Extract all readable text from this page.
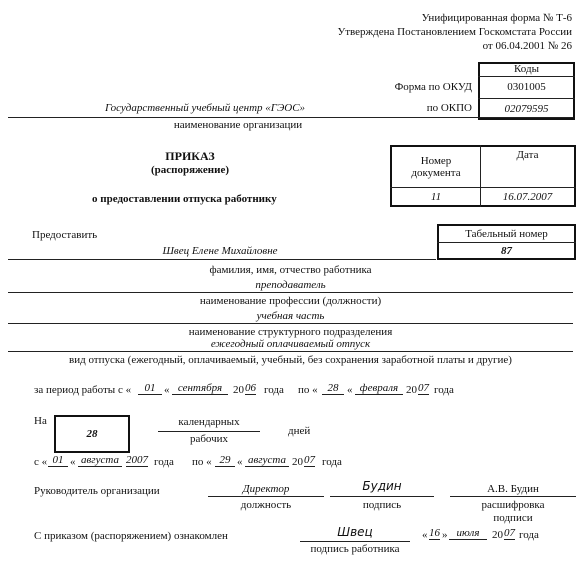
Унифицированная форма № Т-6
Утверждена Постановлением Госкомстата России
от 06.04.2001 № 26
Коды
Форма по ОКУД	0301005
по ОКПО	02079595
Государственный учебный центр «ГЭОС»
наименование организации
ПРИКАЗ
(распоряжение)
Номер документа
Дата
11	16.07.2007
о предоставлении отпуска работнику
Предоставить	Табельный номер
87
Швец Елене Михайловне
фамилия, имя, отчество работника
преподаватель
наименование профессии (должности)
учебная часть
наименование структурного подразделения
ежегодный оплачиваемый отпуск
вид отпуска (ежегодный, оплачиваемый, учебный, без сохранения заработной платы и другие)
за период работы с «	01 « сентября 20 06 года по « 28 « февраля 20 07 года
На
28
календарных
рабочих
дней
с « 01 « августа 2007 года по « 29 « августа 20 07 года
Руководитель организации	Директор
должность
Будин
подпись
А.В. Будин
расшифровка подписи
С приказом (распоряжением) ознакомлен	Швец
подпись работника
« 16 » июля	20 07 года
